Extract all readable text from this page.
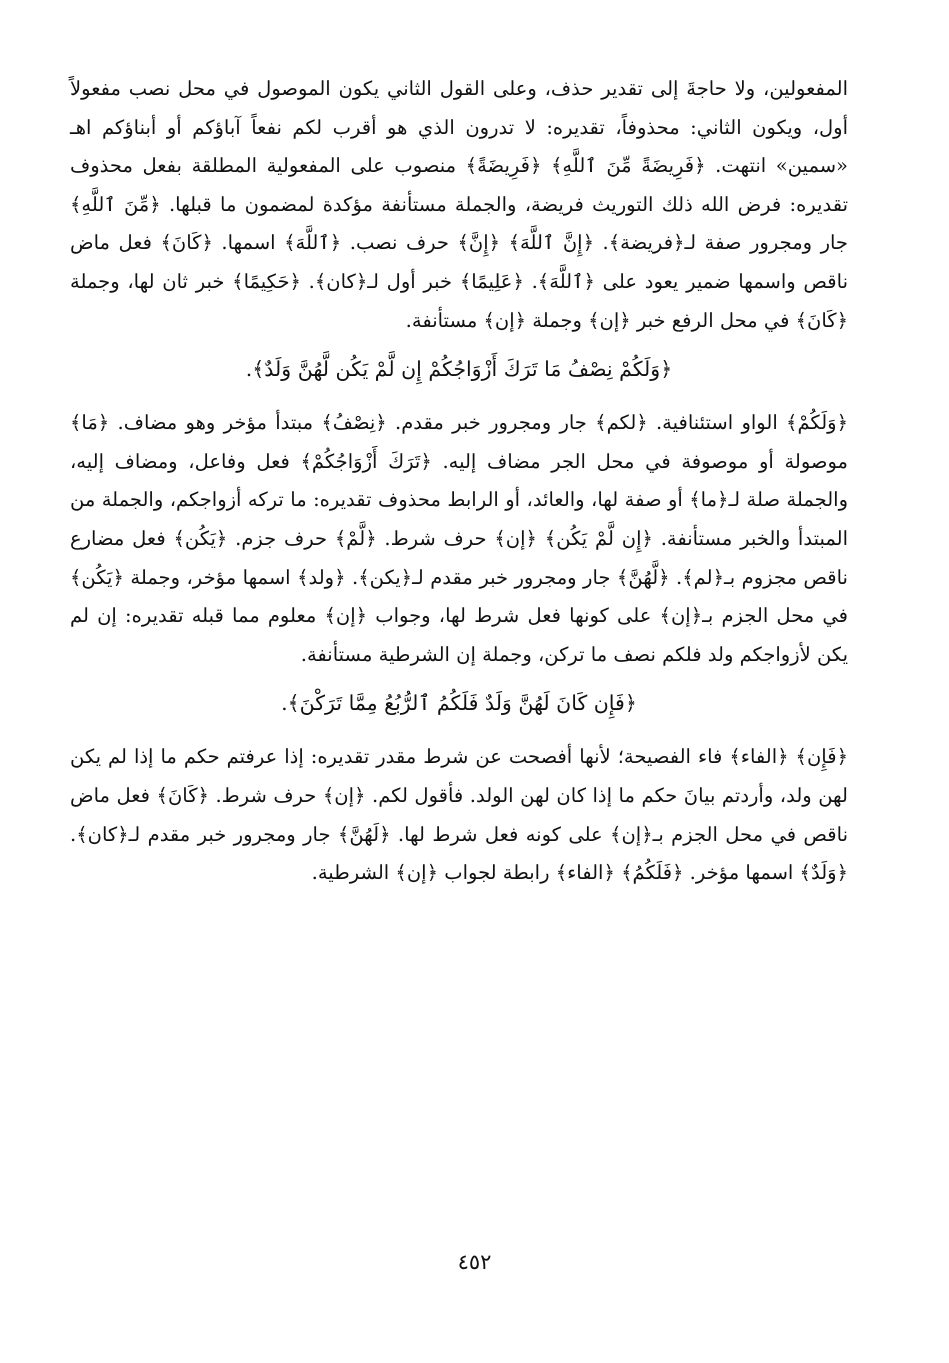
المفعولين، ولا حاجةَ إلى تقدير حذف، وعلى القول الثاني يكون الموصول في محل نصب مفعولاً أول، ويكون الثاني: محذوفاً، تقديره: لا تدرون الذي هو أقرب لكم نفعاً آباؤكم أو أبناؤكم اهـ «سمين» انتهت. ﴿فَرِيضَةً مِّنَ ٱللَّهِ﴾ ﴿فَرِيضَةً﴾ منصوب على المفعولية المطلقة بفعل محذوف تقديره: فرض الله ذلك التوريث فريضة، والجملة مستأنفة مؤكدة لمضمون ما قبلها. ﴿مِّنَ ٱللَّهِ﴾ جار ومجرور صفة لـ﴿فريضة﴾. ﴿إِنَّ ٱللَّهَ﴾ ﴿إِنَّ﴾ حرف نصب. ﴿ٱللَّهَ﴾ اسمها. ﴿كَانَ﴾ فعل ماض ناقص واسمها ضمير يعود على ﴿ٱللَّهَ﴾. ﴿عَلِيمًا﴾ خبر أول لـ﴿كان﴾. ﴿حَكِيمًا﴾ خبر ثان لها، وجملة ﴿كَانَ﴾ في محل الرفع خبر ﴿إن﴾ وجملة ﴿إن﴾ مستأنفة.

﴿وَلَكُمْ نِصْفُ مَا تَرَكَ أَزْوَاجُكُمْ إِن لَّمْ يَكُن لَّهُنَّ وَلَدٌ﴾.

﴿وَلَكُمْ﴾ الواو استئنافية. ﴿لكم﴾ جار ومجرور خبر مقدم. ﴿نِصْفُ﴾ مبتدأ مؤخر وهو مضاف. ﴿مَا﴾ موصولة أو موصوفة في محل الجر مضاف إليه. ﴿تَرَكَ أَزْوَاجُكُمْ﴾ فعل وفاعل، ومضاف إليه، والجملة صلة لـ﴿ما﴾ أو صفة لها، والعائد، أو الرابط محذوف تقديره: ما تركه أزواجكم، والجملة من المبتدأ والخبر مستأنفة. ﴿إِن لَّمْ يَكُن﴾ ﴿إن﴾ حرف شرط. ﴿لَّمْ﴾ حرف جزم. ﴿يَكُن﴾ فعل مضارع ناقص مجزوم بـ﴿لم﴾. ﴿لَّهُنَّ﴾ جار ومجرور خبر مقدم لـ﴿يكن﴾. ﴿ولد﴾ اسمها مؤخر، وجملة ﴿يَكُن﴾ في محل الجزم بـ﴿إن﴾ على كونها فعل شرط لها، وجواب ﴿إن﴾ معلوم مما قبله تقديره: إن لم يكن لأزواجكم ولد فلكم نصف ما تركن، وجملة إن الشرطية مستأنفة.

﴿فَإِن كَانَ لَهُنَّ وَلَدٌ فَلَكُمُ ٱلرُّبُعُ مِمَّا تَرَكْنَ﴾.

﴿فَإِن﴾ ﴿الفاء﴾ فاء الفصيحة؛ لأنها أفصحت عن شرط مقدر تقديره: إذا عرفتم حكم ما إذا لم يكن لهن ولد، وأردتم بيانَ حكم ما إذا كان لهن الولد. فأقول لكم. ﴿إن﴾ حرف شرط. ﴿كَانَ﴾ فعل ماض ناقص في محل الجزم بـ﴿إن﴾ على كونه فعل شرط لها. ﴿لَهُنَّ﴾ جار ومجرور خبر مقدم لـ﴿كان﴾. ﴿وَلَدٌ﴾ اسمها مؤخر. ﴿فَلَكُمُ﴾ ﴿الفاء﴾ رابطة لجواب ﴿إن﴾ الشرطية.

٤٥٢
